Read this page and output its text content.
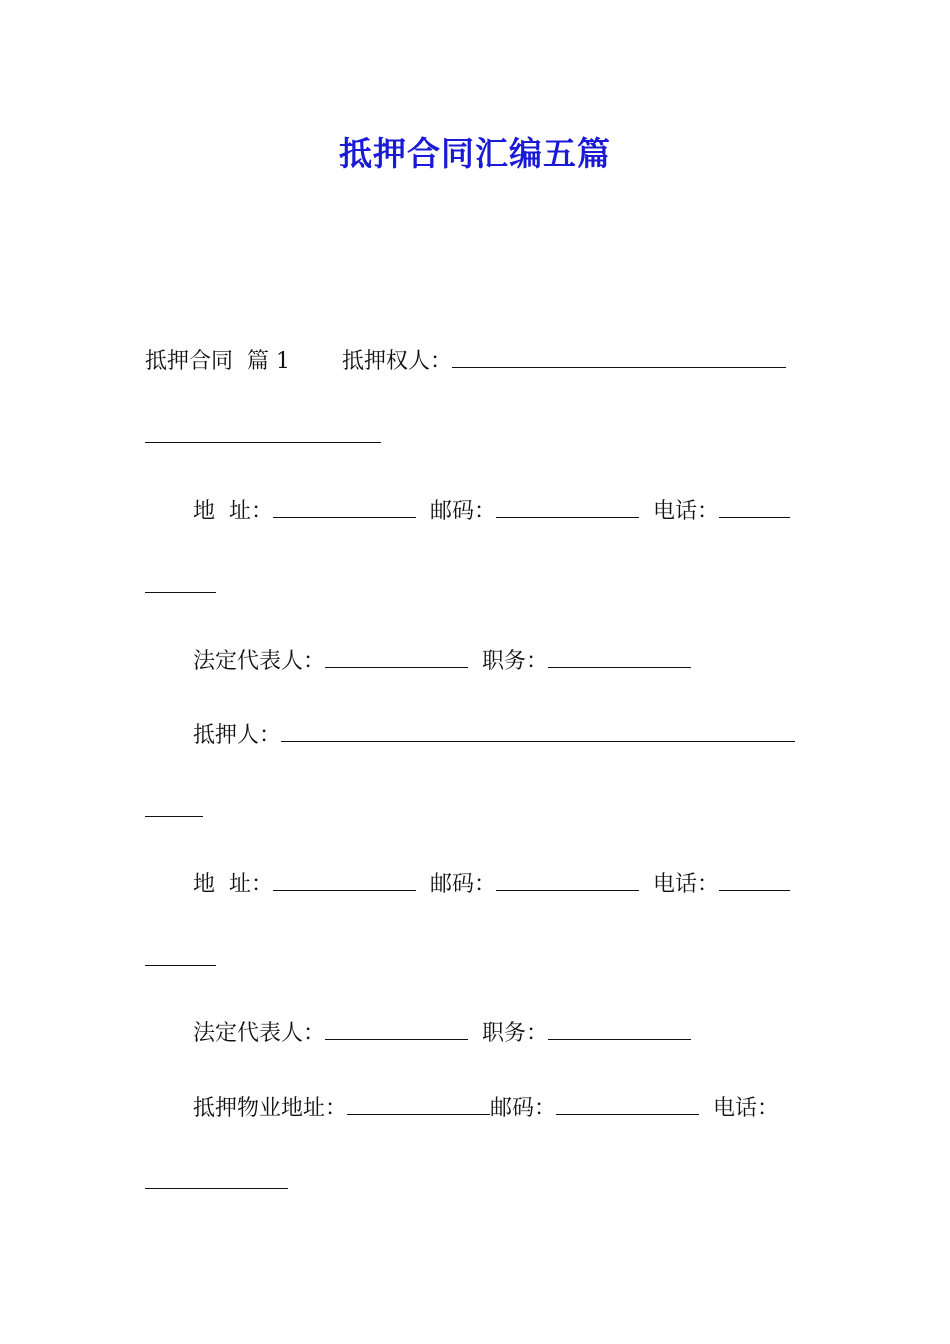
抵押合同汇编五篇
抵押合同 篇 1 抵押权人：
地 址：	邮码：	电话：
法定代表人：	职务：
抵押人：
地 址：	邮码：	电话：
法定代表人：	职务：
抵押物业地址：	邮码：	电话：
